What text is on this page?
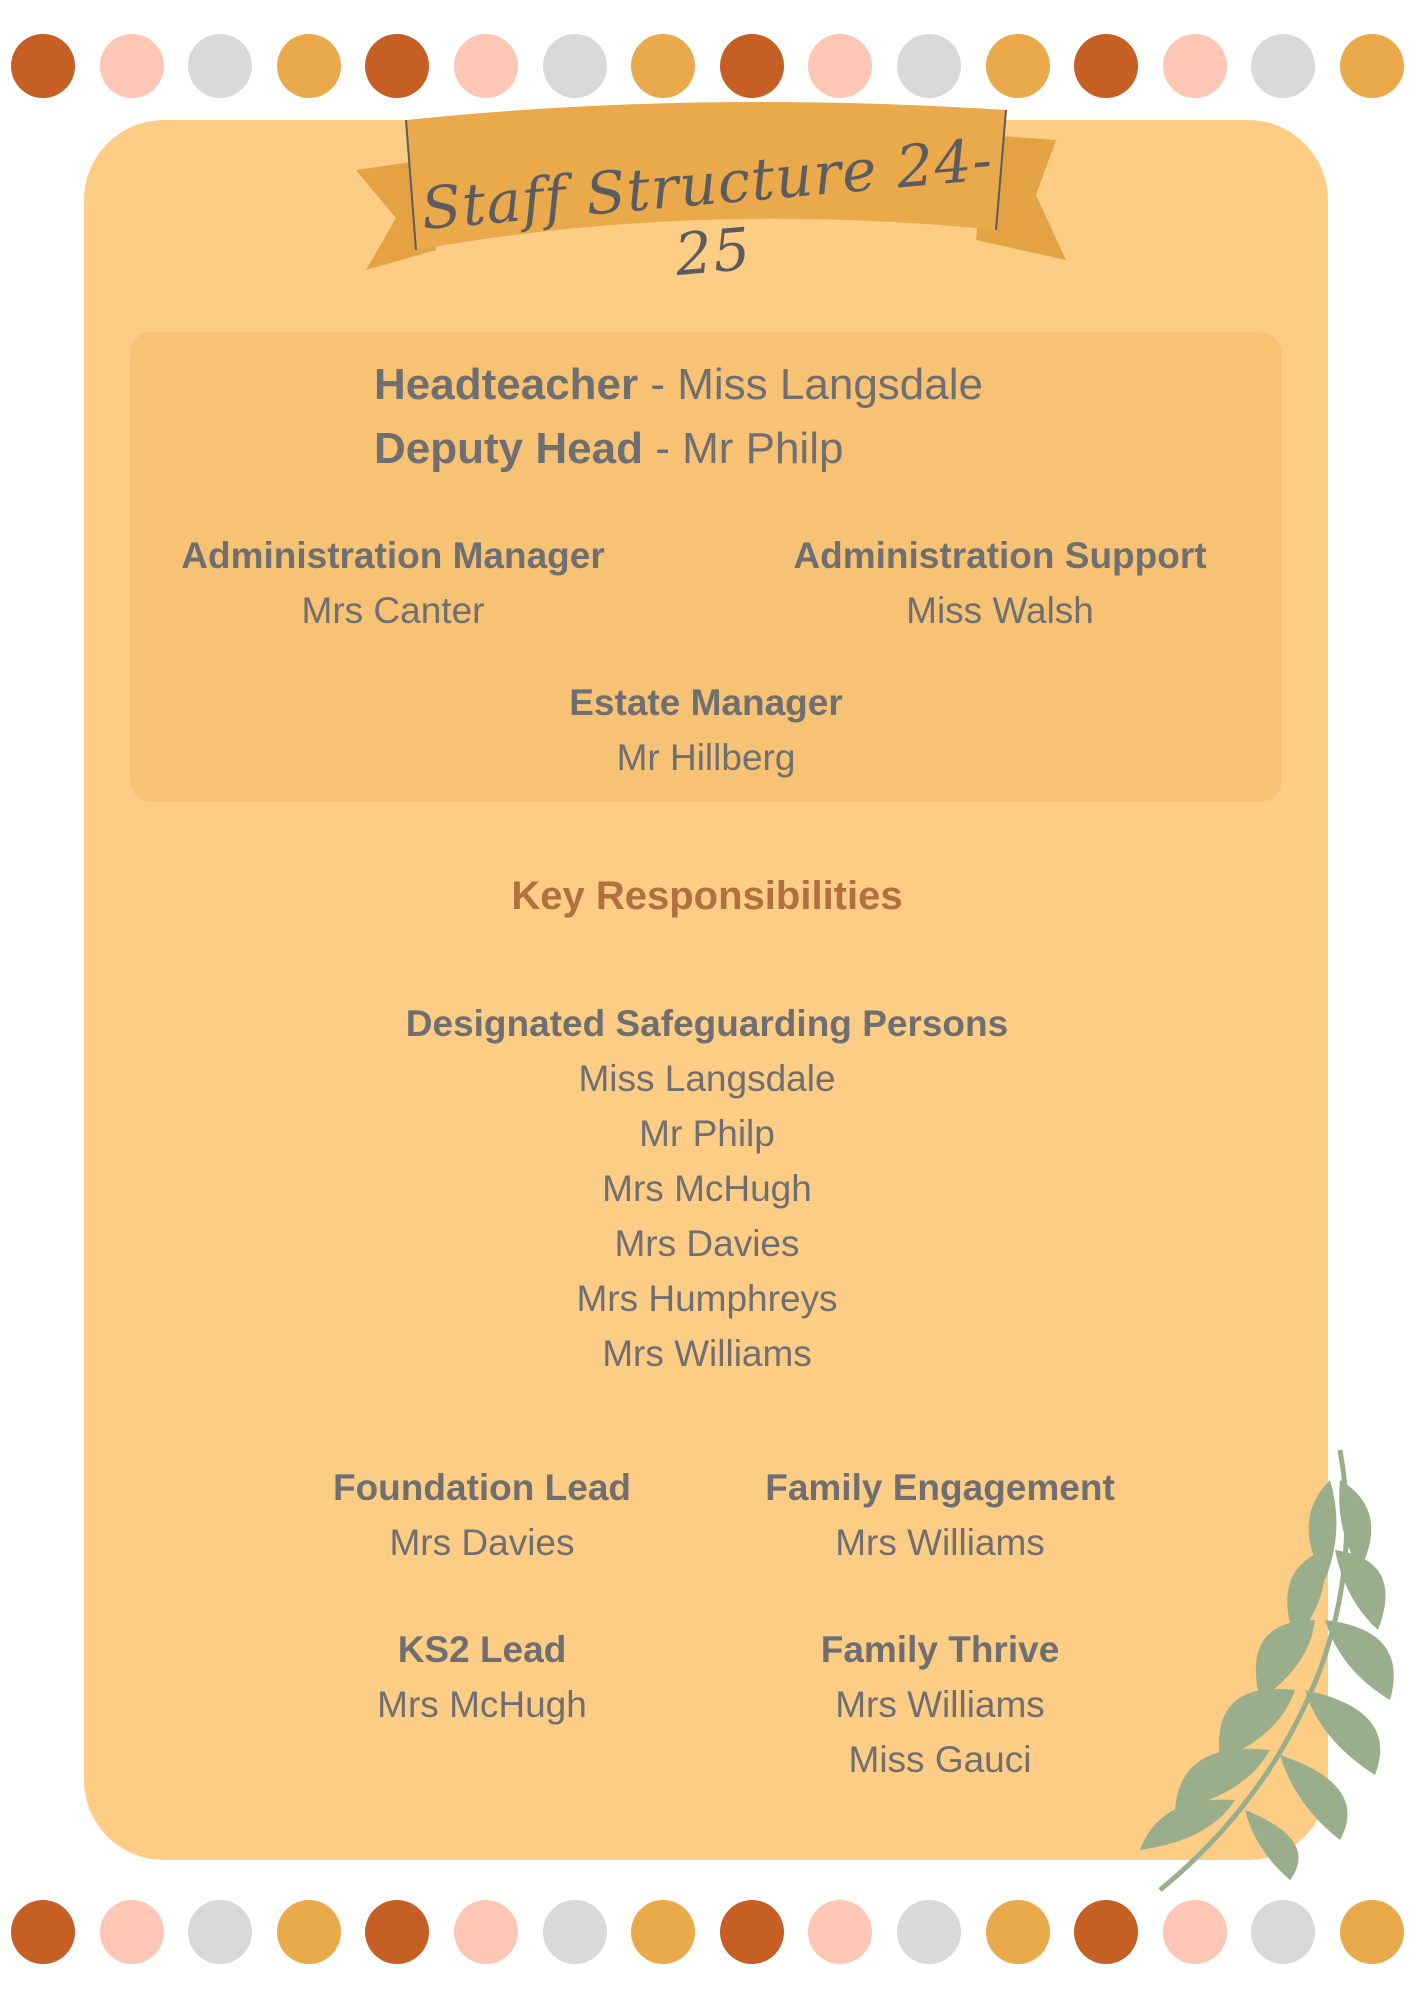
Staff Structure 24-25
Headteacher - Miss Langsdale
Deputy Head - Mr Philp
Administration Manager
Mrs Canter
Administration Support
Miss Walsh
Estate Manager
Mr Hillberg
Key Responsibilities
Designated Safeguarding Persons
Miss Langsdale
Mr Philp
Mrs McHugh
Mrs Davies
Mrs Humphreys
Mrs Williams
Foundation Lead
Mrs Davies
Family Engagement
Mrs Williams
KS2 Lead
Mrs McHugh
Family Thrive
Mrs Williams
Miss Gauci
